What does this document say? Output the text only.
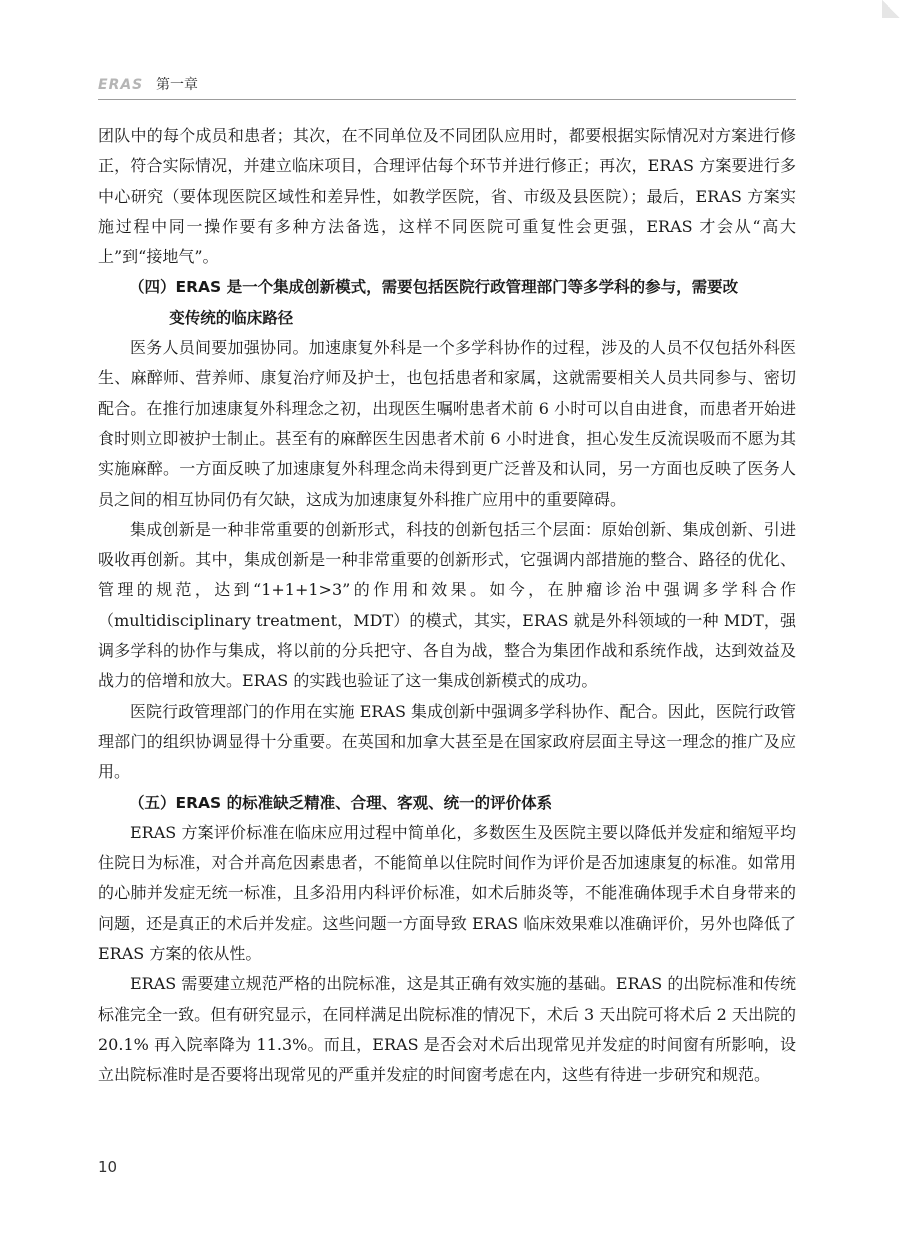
ERAS 第一章

团队中的每个成员和患者；其次，在不同单位及不同团队应用时，都要根据实际情况对方案进行修正，符合实际情况，并建立临床项目，合理评估每个环节并进行修正；再次，ERAS 方案要进行多中心研究（要体现医院区域性和差异性，如教学医院，省、市级及县医院）；最后，ERAS 方案实施过程中同一操作要有多种方法备选，这样不同医院可重复性会更强，ERAS 才会从“高大上”到“接地气”。

（四）ERAS 是一个集成创新模式，需要包括医院行政管理部门等多学科的参与，需要改
变传统的临床路径

医务人员间要加强协同。加速康复外科是一个多学科协作的过程，涉及的人员不仅包括外科医生、麻醉师、营养师、康复治疗师及护士，也包括患者和家属，这就需要相关人员共同参与、密切配合。在推行加速康复外科理念之初，出现医生嘱咐患者术前 6 小时可以自由进食，而患者开始进食时则立即被护士制止。甚至有的麻醉医生因患者术前 6 小时进食，担心发生反流误吸而不愿为其实施麻醉。一方面反映了加速康复外科理念尚未得到更广泛普及和认同，另一方面也反映了医务人员之间的相互协同仍有欠缺，这成为加速康复外科推广应用中的重要障碍。

集成创新是一种非常重要的创新形式，科技的创新包括三个层面：原始创新、集成创新、引进吸收再创新。其中，集成创新是一种非常重要的创新形式，它强调内部措施的整合、路径的优化、管理的规范，达到“1+1+1>3”的作用和效果。如今，在肿瘤诊治中强调多学科合作（multidisciplinary treatment，MDT）的模式，其实，ERAS 就是外科领域的一种 MDT，强调多学科的协作与集成，将以前的分兵把守、各自为战，整合为集团作战和系统作战，达到效益及战力的倍增和放大。ERAS 的实践也验证了这一集成创新模式的成功。

医院行政管理部门的作用在实施 ERAS 集成创新中强调多学科协作、配合。因此，医院行政管理部门的组织协调显得十分重要。在英国和加拿大甚至是在国家政府层面主导这一理念的推广及应用。

（五）ERAS 的标准缺乏精准、合理、客观、统一的评价体系

ERAS 方案评价标准在临床应用过程中简单化，多数医生及医院主要以降低并发症和缩短平均住院日为标准，对合并高危因素患者，不能简单以住院时间作为评价是否加速康复的标准。如常用的心肺并发症无统一标准，且多沿用内科评价标准，如术后肺炎等，不能准确体现手术自身带来的问题，还是真正的术后并发症。这些问题一方面导致 ERAS 临床效果难以准确评价，另外也降低了 ERAS 方案的依从性。

ERAS 需要建立规范严格的出院标准，这是其正确有效实施的基础。ERAS 的出院标准和传统标准完全一致。但有研究显示，在同样满足出院标准的情况下，术后 3 天出院可将术后 2 天出院的 20.1% 再入院率降为 11.3%。而且，ERAS 是否会对术后出现常见并发症的时间窗有所影响，设立出院标准时是否要将出现常见的严重并发症的时间窗考虑在内，这些有待进一步研究和规范。

10
